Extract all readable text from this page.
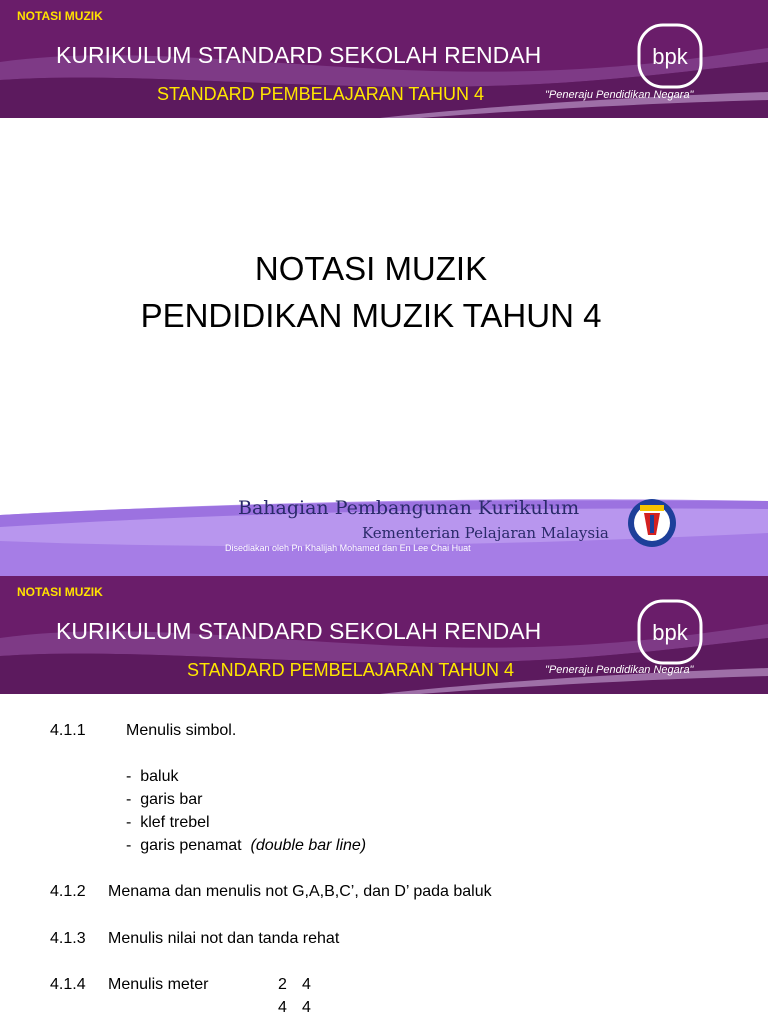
NOTASI MUZIK
KURIKULUM STANDARD SEKOLAH RENDAH
STANDARD PEMBELAJARAN TAHUN 4	"Peneraju Pendidikan Negara"
bpk
NOTASI MUZIK
PENDIDIKAN MUZIK TAHUN 4
Bahagian Pembangunan Kurikulum
Kementerian Pelajaran Malaysia
Disediakan oleh Pn Khalijah Mohamed dan En Lee Chai Huat
NOTASI MUZIK
KURIKULUM STANDARD SEKOLAH RENDAH
"Peneraju Pendidikan Negara"
STANDARD PEMBELAJARAN TAHUN 4
bpk
4.1.1	Menulis simbol.
-  baluk
-  garis bar
-  klef trebel
-  garis penamat (double bar line)
4.1.2 Menama dan menulis not G,A,B,C’, dan D’ pada baluk
4.1.3 Menulis nilai not dan tanda rehat
4.1.4 Menulis meter	2 4
4 4
